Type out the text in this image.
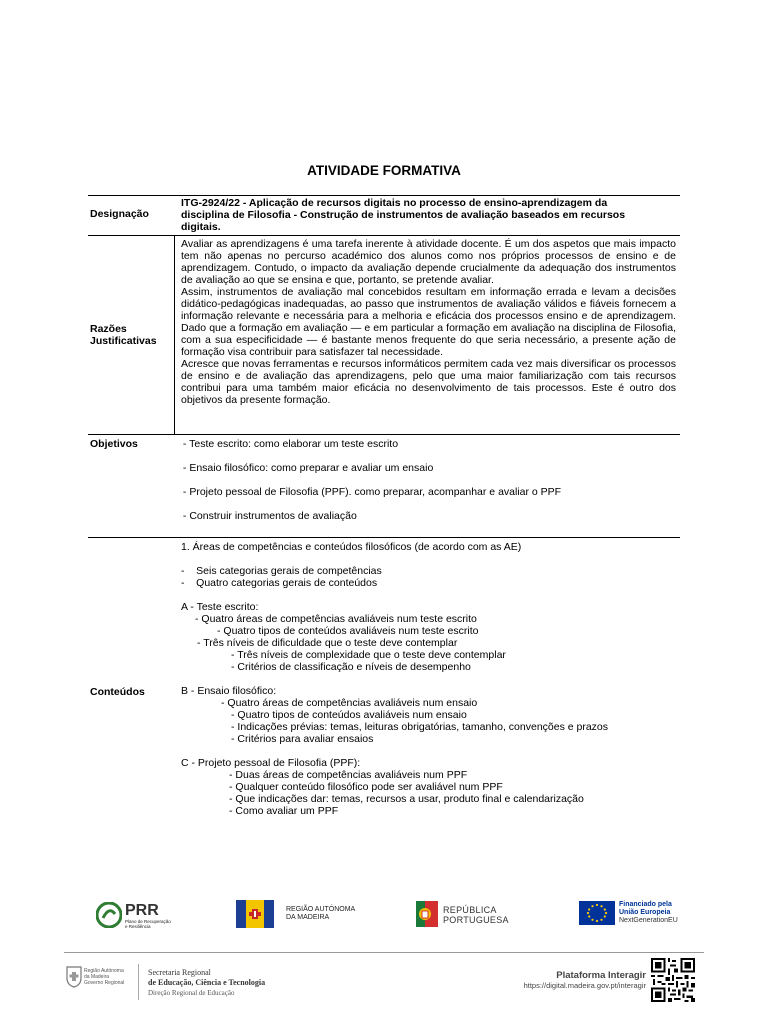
ATIVIDADE FORMATIVA
Designação
ITG-2924/22 - Aplicação de recursos digitais no processo de ensino-aprendizagem da
disciplina de Filosofia - Construção de instrumentos de avaliação baseados em recursos
digitais.
Razões
Justificativas
Avaliar as aprendizagens é uma tarefa inerente à atividade docente. É um dos aspetos que mais impacto tem não apenas no percurso académico dos alunos como nos próprios processos de ensino e de aprendizagem. Contudo, o impacto da avaliação depende crucialmente da adequação dos instrumentos de avaliação ao que se ensina e que, portanto, se pretende avaliar.
Assim, instrumentos de avaliação mal concebidos resultam em informação errada e levam a decisões didático-pedagógicas inadequadas, ao passo que instrumentos de avaliação válidos e fiáveis fornecem a informação relevante e necessária para a melhoria e eficácia dos processos ensino e de aprendizagem. Dado que a formação em avaliação — e em particular a formação em avaliação na disciplina de Filosofia, com a sua especificidade — é bastante menos frequente do que seria necessário, a presente ação de formação visa contribuir para satisfazer tal necessidade.
Acresce que novas ferramentas e recursos informáticos permitem cada vez mais diversificar os processos de ensino e de avaliação das aprendizagens, pelo que uma maior familiarização com tais recursos contribui para uma também maior eficácia no desenvolvimento de tais processos. Este é outro dos objetivos da presente formação.
Objetivos	- Teste escrito: como elaborar um teste escrito
- Ensaio filosófico: como preparar e avaliar um ensaio
- Projeto pessoal de Filosofia (PPF). como preparar, acompanhar e avaliar o PPF
- Construir instrumentos de avaliação
Conteúdos
1. Áreas de competências e conteúdos filosóficos (de acordo com as AE)
-    Seis categorias gerais de competências
-    Quatro categorias gerais de conteúdos
A - Teste escrito:
- Quatro áreas de competências avaliáveis num teste escrito
- Quatro tipos de conteúdos avaliáveis num teste escrito
- Três níveis de dificuldade que o teste deve contemplar
- Três níveis de complexidade que o teste deve contemplar
- Critérios de classificação e níveis de desempenho
B - Ensaio filosófico:
- Quatro áreas de competências avaliáveis num ensaio
- Quatro tipos de conteúdos avaliáveis num ensaio
- Indicações prévias: temas, leituras obrigatórias, tamanho, convenções e prazos
- Critérios para avaliar ensaios
C - Projeto pessoal de Filosofia (PPF):
- Duas áreas de competências avaliáveis num PPF
- Qualquer conteúdo filosófico pode ser avaliável num PPF
- Que indicações dar: temas, recursos a usar, produto final e calendarização
- Como avaliar um PPF
PRR
Plano de Recuperação
e Resiliência
REGIÃO AUTÓNOMA
DA MADEIRA
REPÚBLICA
PORTUGUESA
Financiado pela
União Europeia
NextGenerationEU
Região Autónoma
da Madeira
Governo Regional
Secretaria Regional
de Educação, Ciência e Tecnologia
Direção Regional de Educação
Plataforma Interagir
https://digital.madeira.gov.pt/interagir
